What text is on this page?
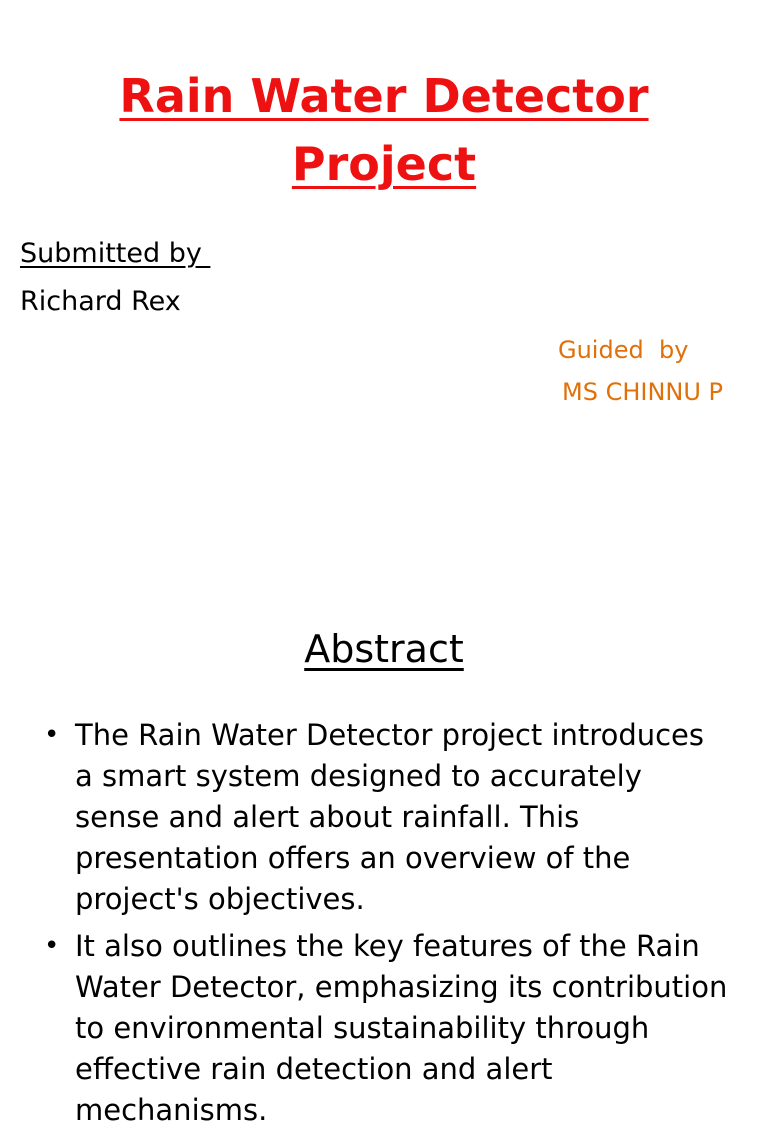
Rain Water Detector
Project
Submitted by
Richard Rex
Guided  by
MS CHINNU P
Abstract
• The Rain Water Detector project introduces a smart system designed to accurately sense and alert about rainfall. This presentation offers an overview of the project's objectives.
• It also outlines the key features of the Rain Water Detector, emphasizing its contribution to environmental sustainability through effective rain detection and alert mechanisms.
